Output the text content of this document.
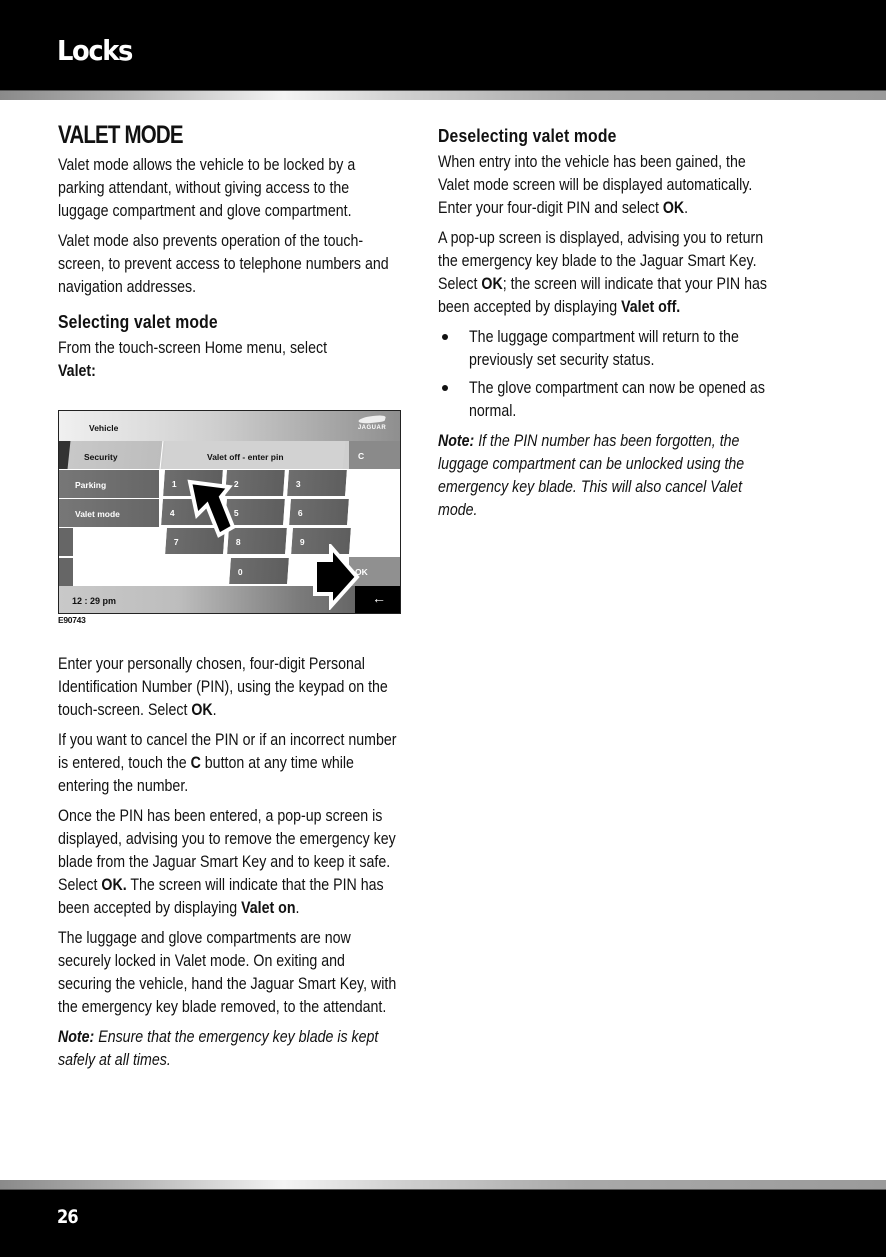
Locks
VALET MODE

Valet mode allows the vehicle to be locked by a parking attendant, without giving access to the luggage compartment and glove compartment.

Valet mode also prevents operation of the touch-screen, to prevent access to telephone numbers and navigation addresses.

Selecting valet mode

From the touch-screen Home menu, select
Valet:

Vehicle	JAGUAR
Security	Valet off - enter pin	C
Parking
Valet mode
1	2	3
4	5	6
7	8	9
0	OK
12 : 29 pm	←
E90743

Enter your personally chosen, four-digit Personal Identification Number (PIN), using the keypad on the touch-screen. Select OK.

If you want to cancel the PIN or if an incorrect number is entered, touch the C button at any time while entering the number.

Once the PIN has been entered, a pop-up screen is displayed, advising you to remove the emergency key blade from the Jaguar Smart Key and to keep it safe. Select OK. The screen will indicate that the PIN has been accepted by displaying Valet on.

The luggage and glove compartments are now securely locked in Valet mode. On exiting and securing the vehicle, hand the Jaguar Smart Key, with the emergency key blade removed, to the attendant.

Note: Ensure that the emergency key blade is kept safely at all times.

Deselecting valet mode

When entry into the vehicle has been gained, the Valet mode screen will be displayed automatically. Enter your four-digit PIN and select OK.

A pop-up screen is displayed, advising you to return the emergency key blade to the Jaguar Smart Key. Select OK; the screen will indicate that your PIN has been accepted by displaying Valet off.

The luggage compartment will return to the previously set security status.
The glove compartment can now be opened as normal.

Note: If the PIN number has been forgotten, the luggage compartment can be unlocked using the emergency key blade. This will also cancel Valet mode.

26
